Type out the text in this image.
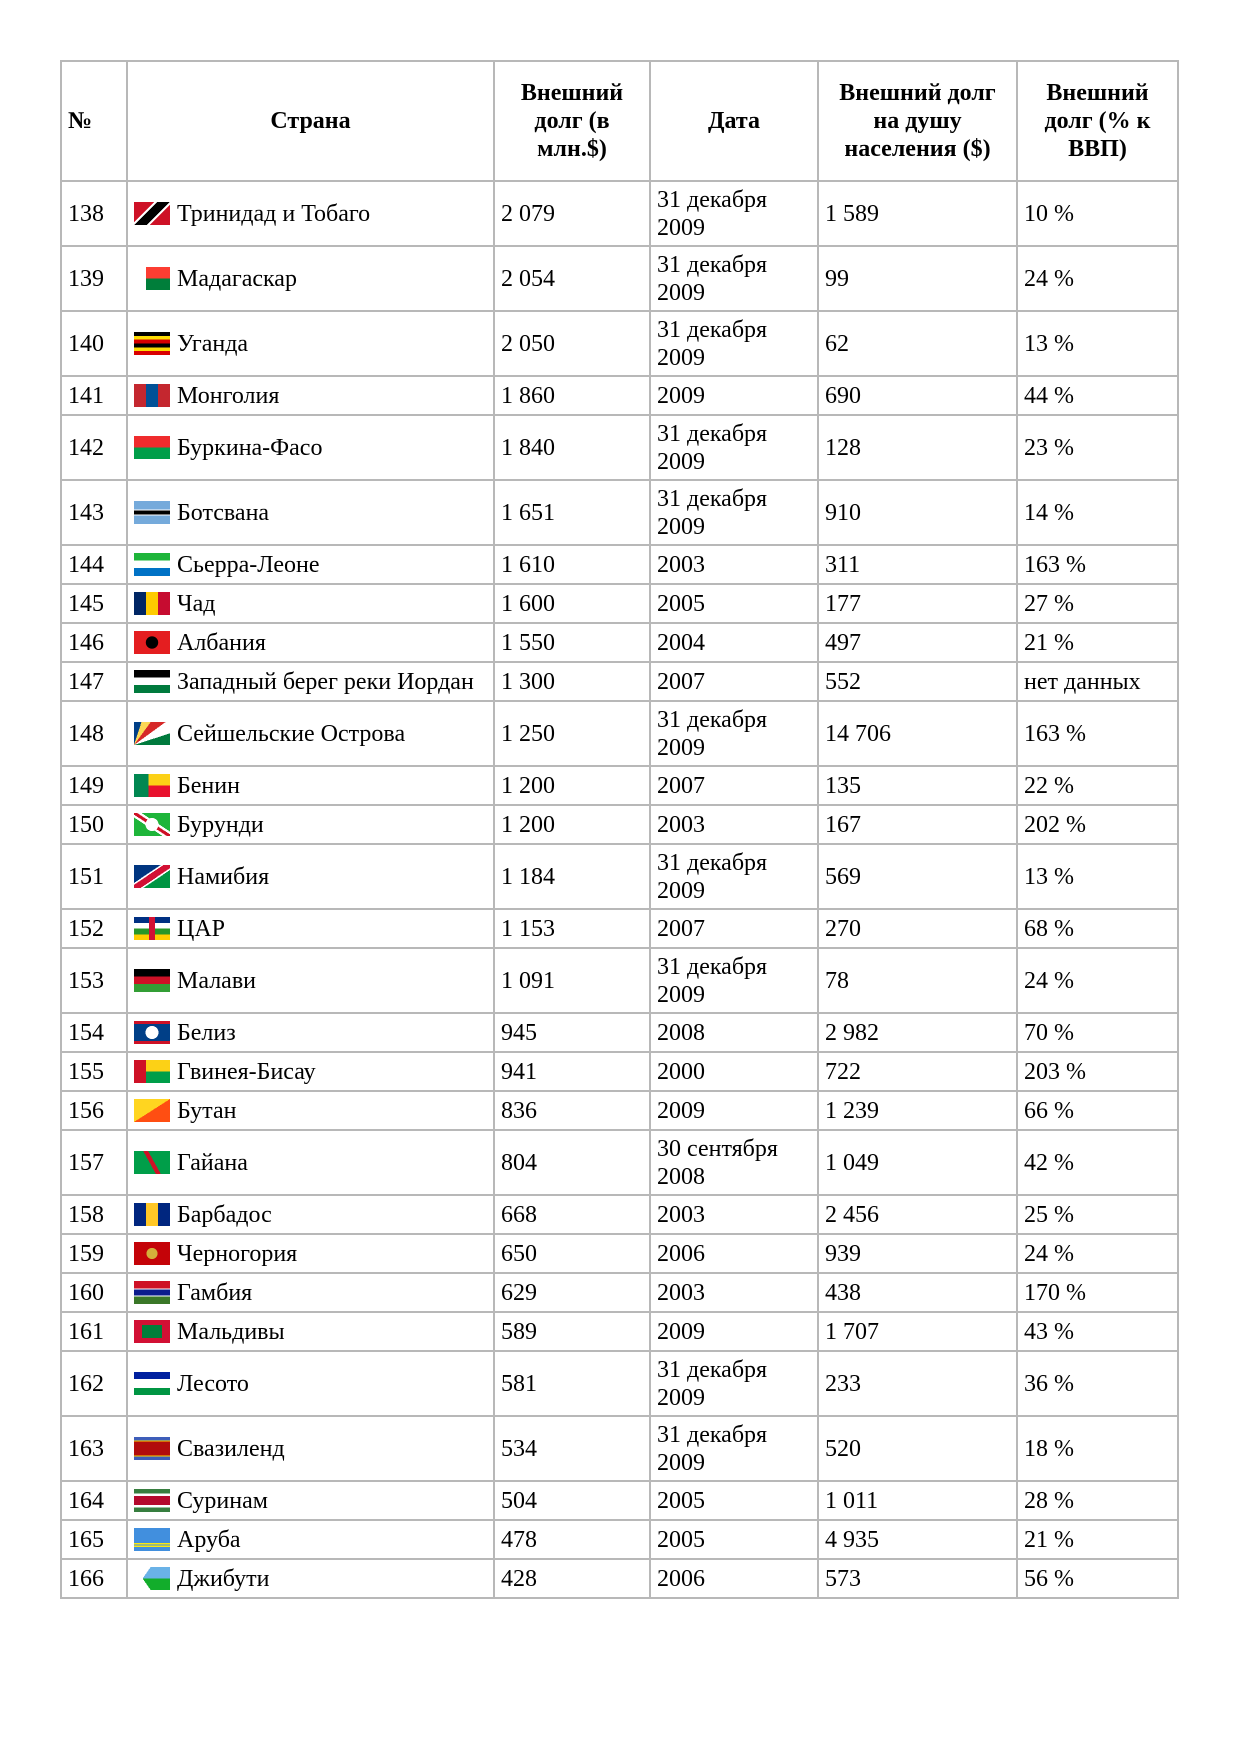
№	Страна	Внешний долг (в млн.$)	Дата	Внешний долг на душу населения ($)	Внешний долг (% к ВВП)
138	Тринидад и Тобаго	2 079	31 декабря 2009	1 589	10 %
139	Мадагаскар	2 054	31 декабря 2009	99	24 %
140	Уганда	2 050	31 декабря 2009	62	13 %
141	Монголия	1 860	2009	690	44 %
142	Буркина-Фасо	1 840	31 декабря 2009	128	23 %
143	Ботсвана	1 651	31 декабря 2009	910	14 %
144	Сьерра-Леоне	1 610	2003	311	163 %
145	Чад	1 600	2005	177	27 %
146	Албания	1 550	2004	497	21 %
147	Западный берег реки Иордан	1 300	2007	552	нет данных
148	Сейшельские Острова	1 250	31 декабря 2009	14 706	163 %
149	Бенин	1 200	2007	135	22 %
150	Бурунди	1 200	2003	167	202 %
151	Намибия	1 184	31 декабря 2009	569	13 %
152	ЦАР	1 153	2007	270	68 %
153	Малави	1 091	31 декабря 2009	78	24 %
154	Белиз	945	2008	2 982	70 %
155	Гвинея-Бисау	941	2000	722	203 %
156	Бутан	836	2009	1 239	66 %
157	Гайана	804	30 сентября 2008	1 049	42 %
158	Барбадос	668	2003	2 456	25 %
159	Черногория	650	2006	939	24 %
160	Гамбия	629	2003	438	170 %
161	Мальдивы	589	2009	1 707	43 %
162	Лесото	581	31 декабря 2009	233	36 %
163	Свазиленд	534	31 декабря 2009	520	18 %
164	Суринам	504	2005	1 011	28 %
165	Аруба	478	2005	4 935	21 %
166	Джибути	428	2006	573	56 %
